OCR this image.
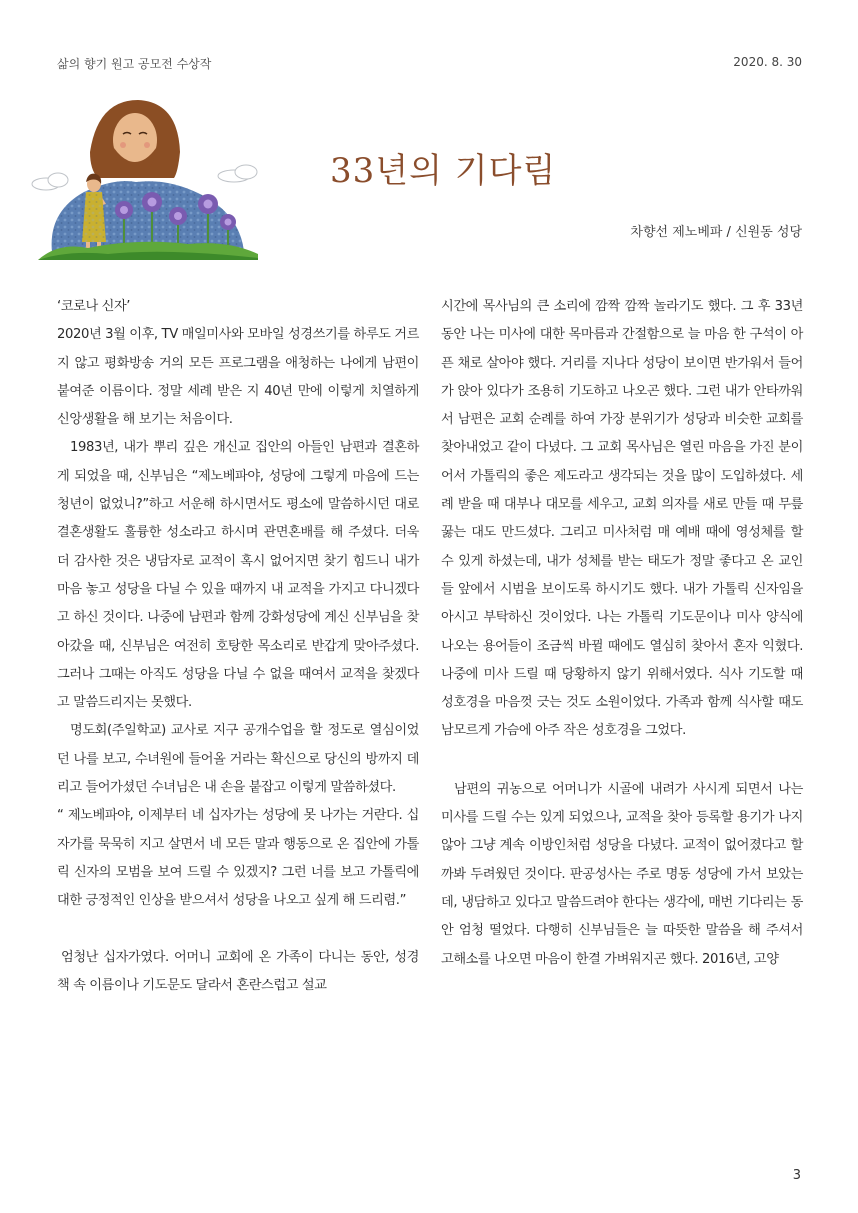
삶의 향기 원고 공모전 수상작	2020. 8. 30
33년의 기다림
차향선 제노베파 / 신원동 성당

‘코로나 신자’

2020년 3월 이후, TV 매일미사와 모바일 성경쓰기를 하루도 거르지 않고 평화방송 거의 모든 프로그램을 애청하는 나에게 남편이 붙여준 이름이다. 정말 세례 받은 지 40년 만에 이렇게 치열하게 신앙생활을 해 보기는 처음이다.

1983년, 내가 뿌리 깊은 개신교 집안의 아들인 남편과 결혼하게 되었을 때, 신부님은 “제노베파야, 성당에 그렇게 마음에 드는 청년이 없었니?”하고 서운해 하시면서도 평소에 말씀하시던 대로 결혼생활도 훌륭한 성소라고 하시며 관면혼배를 해 주셨다. 더욱 더 감사한 것은 냉담자로 교적이 혹시 없어지면 찾기 힘드니 내가 마음 놓고 성당을 다닐 수 있을 때까지 내 교적을 가지고 다니겠다고 하신 것이다. 나중에 남편과 함께 강화성당에 계신 신부님을 찾아갔을 때, 신부님은 여전히 호탕한 목소리로 반갑게 맞아주셨다. 그러나 그때는 아직도 성당을 다닐 수 없을 때여서 교적을 찾겠다고 말씀드리지는 못했다.

명도회(주일학교) 교사로 지구 공개수업을 할 정도로 열심이었던 나를 보고, 수녀원에 들어올 거라는 확신으로 당신의 방까지 데리고 들어가셨던 수녀님은 내 손을 붙잡고 이렇게 말씀하셨다.

“ 제노베파야, 이제부터 네 십자가는 성당에 못 나가는 거란다. 십자가를 묵묵히 지고 살면서 네 모든 말과 행동으로 온 집안에 가톨릭 신자의 모범을 보여 드릴 수 있겠지? 그런 너를 보고 가톨릭에 대한 긍정적인 인상을 받으셔서 성당을 나오고 싶게 해 드리렴.”

엄청난 십자가였다. 어머니 교회에 온 가족이 다니는 동안, 성경책 속 이름이나 기도문도 달라서 혼란스럽고 설교

시간에 목사님의 큰 소리에 깜짝 깜짝 놀라기도 했다. 그 후 33년 동안 나는 미사에 대한 목마름과 간절함으로 늘 마음 한 구석이 아픈 채로 살아야 했다. 거리를 지나다 성당이 보이면 반가워서 들어가 앉아 있다가 조용히 기도하고 나오곤 했다. 그런 내가 안타까워서 남편은 교회 순례를 하여 가장 분위기가 성당과 비슷한 교회를 찾아내었고 같이 다녔다. 그 교회 목사님은 열린 마음을 가진 분이어서 가톨릭의 좋은 제도라고 생각되는 것을 많이 도입하셨다. 세례 받을 때 대부나 대모를 세우고, 교회 의자를 새로 만들 때 무릎 꿇는 대도 만드셨다. 그리고 미사처럼 매 예배 때에 영성체를 할 수 있게 하셨는데, 내가 성체를 받는 태도가 정말 좋다고 온 교인들 앞에서 시범을 보이도록 하시기도 했다. 내가 가톨릭 신자임을 아시고 부탁하신 것이었다. 나는 가톨릭 기도문이나 미사 양식에 나오는 용어들이 조금씩 바뀔 때에도 열심히 찾아서 혼자 익혔다. 나중에 미사 드릴 때 당황하지 않기 위해서였다. 식사 기도할 때 성호경을 마음껏 긋는 것도 소원이었다. 가족과 함께 식사할 때도 남모르게 가슴에 아주 작은 성호경을 그었다.

남편의 귀농으로 어머니가 시골에 내려가 사시게 되면서 나는 미사를 드릴 수는 있게 되었으나, 교적을 찾아 등록할 용기가 나지 않아 그냥 계속 이방인처럼 성당을 다녔다. 교적이 없어졌다고 할까봐 두려웠던 것이다. 판공성사는 주로 명동 성당에 가서 보았는데, 냉담하고 있다고 말씀드려야 한다는 생각에, 매번 기다리는 동안 엄청 떨었다. 다행히 신부님들은 늘 따뜻한 말씀을 해 주셔서 고해소를 나오면 마음이 한결 가벼워지곤 했다. 2016년, 고양

3
